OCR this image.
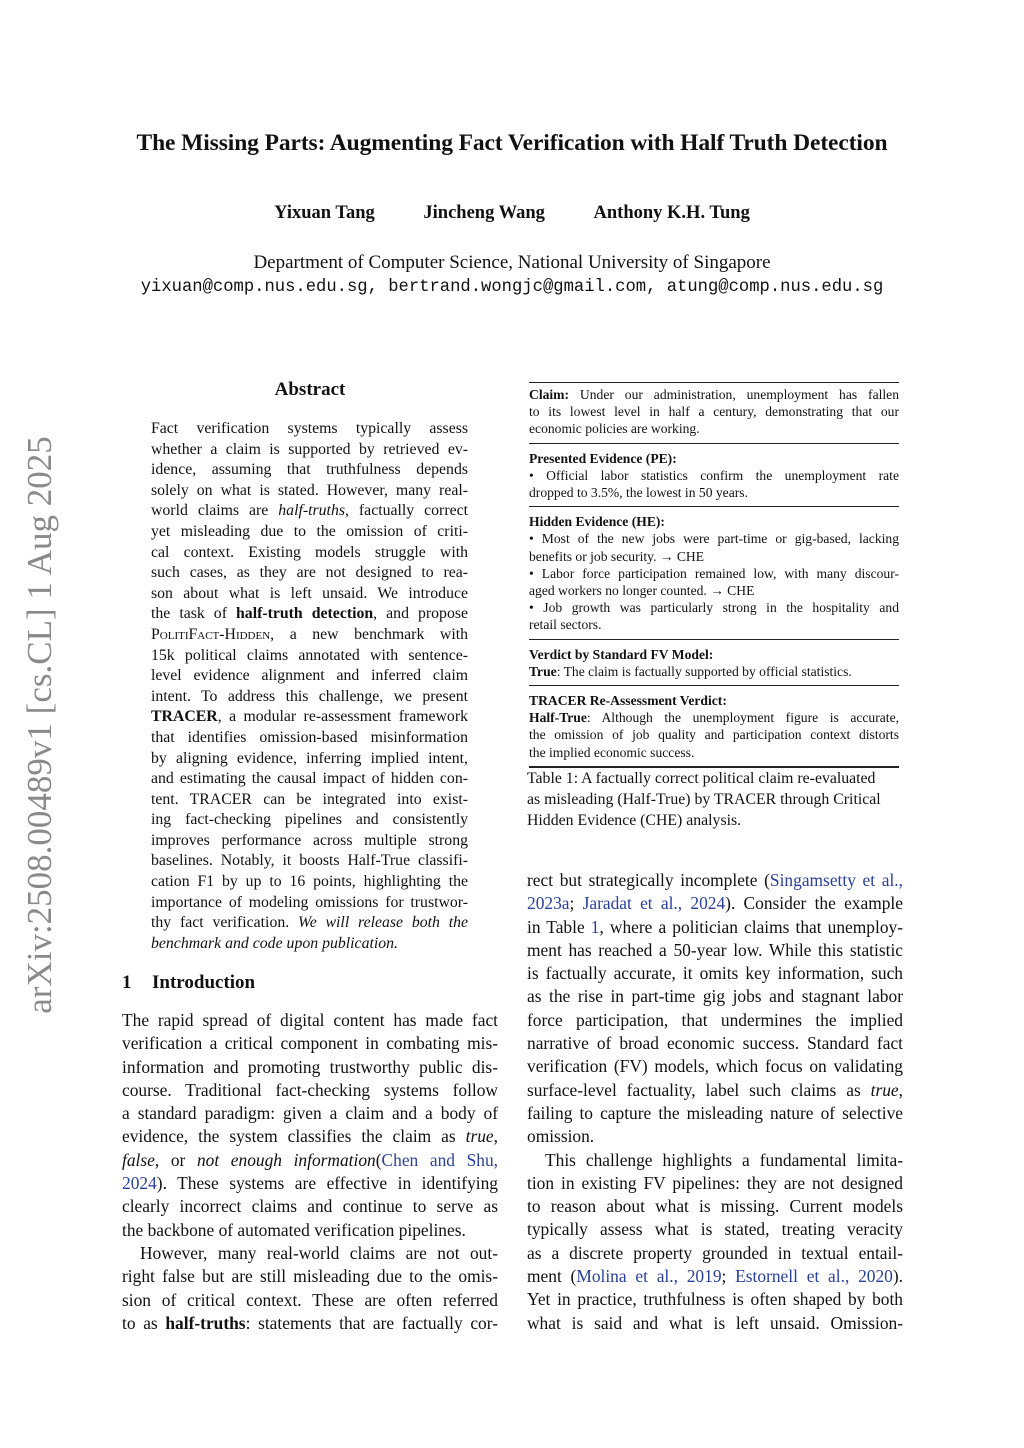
arXiv:2508.00489v1 [cs.CL] 1 Aug 2025
The Missing Parts: Augmenting Fact Verification with Half Truth Detection
Yixuan Tang	Jincheng Wang	Anthony K.H. Tung
Department of Computer Science, National University of Singapore
yixuan@comp.nus.edu.sg, bertrand.wongjc@gmail.com, atung@comp.nus.edu.sg
Abstract
Fact verification systems typically assess
whether a claim is supported by retrieved ev-
idence, assuming that truthfulness depends
solely on what is stated. However, many real-
world claims are half-truths, factually correct
yet misleading due to the omission of criti-
cal context. Existing models struggle with
such cases, as they are not designed to rea-
son about what is left unsaid. We introduce
the task of half-truth detection, and propose
PolitiFact-Hidden, a new benchmark with
15k political claims annotated with sentence-
level evidence alignment and inferred claim
intent. To address this challenge, we present
TRACER, a modular re-assessment framework
that identifies omission-based misinformation
by aligning evidence, inferring implied intent,
and estimating the causal impact of hidden con-
tent. TRACER can be integrated into exist-
ing fact-checking pipelines and consistently
improves performance across multiple strong
baselines. Notably, it boosts Half-True classifi-
cation F1 by up to 16 points, highlighting the
importance of modeling omissions for trustwor-
thy fact verification. We will release both the
benchmark and code upon publication.
1 Introduction
The rapid spread of digital content has made fact
verification a critical component in combating mis-
information and promoting trustworthy public dis-
course. Traditional fact-checking systems follow
a standard paradigm: given a claim and a body of
evidence, the system classifies the claim as true,
false, or not enough information(Chen and Shu,
2024). These systems are effective in identifying
clearly incorrect claims and continue to serve as
the backbone of automated verification pipelines.
However, many real-world claims are not out-
right false but are still misleading due to the omis-
sion of critical context. These are often referred
to as half-truths: statements that are factually cor-
Claim: Under our administration, unemployment has fallen
to its lowest level in half a century, demonstrating that our
economic policies are working.
Presented Evidence (PE):
• Official labor statistics confirm the unemployment rate
dropped to 3.5%, the lowest in 50 years.
Hidden Evidence (HE):
• Most of the new jobs were part-time or gig-based, lacking
benefits or job security. → CHE
• Labor force participation remained low, with many discour-
aged workers no longer counted. → CHE
• Job growth was particularly strong in the hospitality and
retail sectors.
Verdict by Standard FV Model:
True: The claim is factually supported by official statistics.
TRACER Re-Assessment Verdict:
Half-True: Although the unemployment figure is accurate,
the omission of job quality and participation context distorts
the implied economic success.
Table 1: A factually correct political claim re-evaluated
as misleading (Half-True) by TRACER through Critical
Hidden Evidence (CHE) analysis.
rect but strategically incomplete (Singamsetty et al.,
2023a; Jaradat et al., 2024). Consider the example
in Table 1, where a politician claims that unemploy-
ment has reached a 50-year low. While this statistic
is factually accurate, it omits key information, such
as the rise in part-time gig jobs and stagnant labor
force participation, that undermines the implied
narrative of broad economic success. Standard fact
verification (FV) models, which focus on validating
surface-level factuality, label such claims as true,
failing to capture the misleading nature of selective
omission.
This challenge highlights a fundamental limita-
tion in existing FV pipelines: they are not designed
to reason about what is missing. Current models
typically assess what is stated, treating veracity
as a discrete property grounded in textual entail-
ment (Molina et al., 2019; Estornell et al., 2020).
Yet in practice, truthfulness is often shaped by both
what is said and what is left unsaid. Omission-
